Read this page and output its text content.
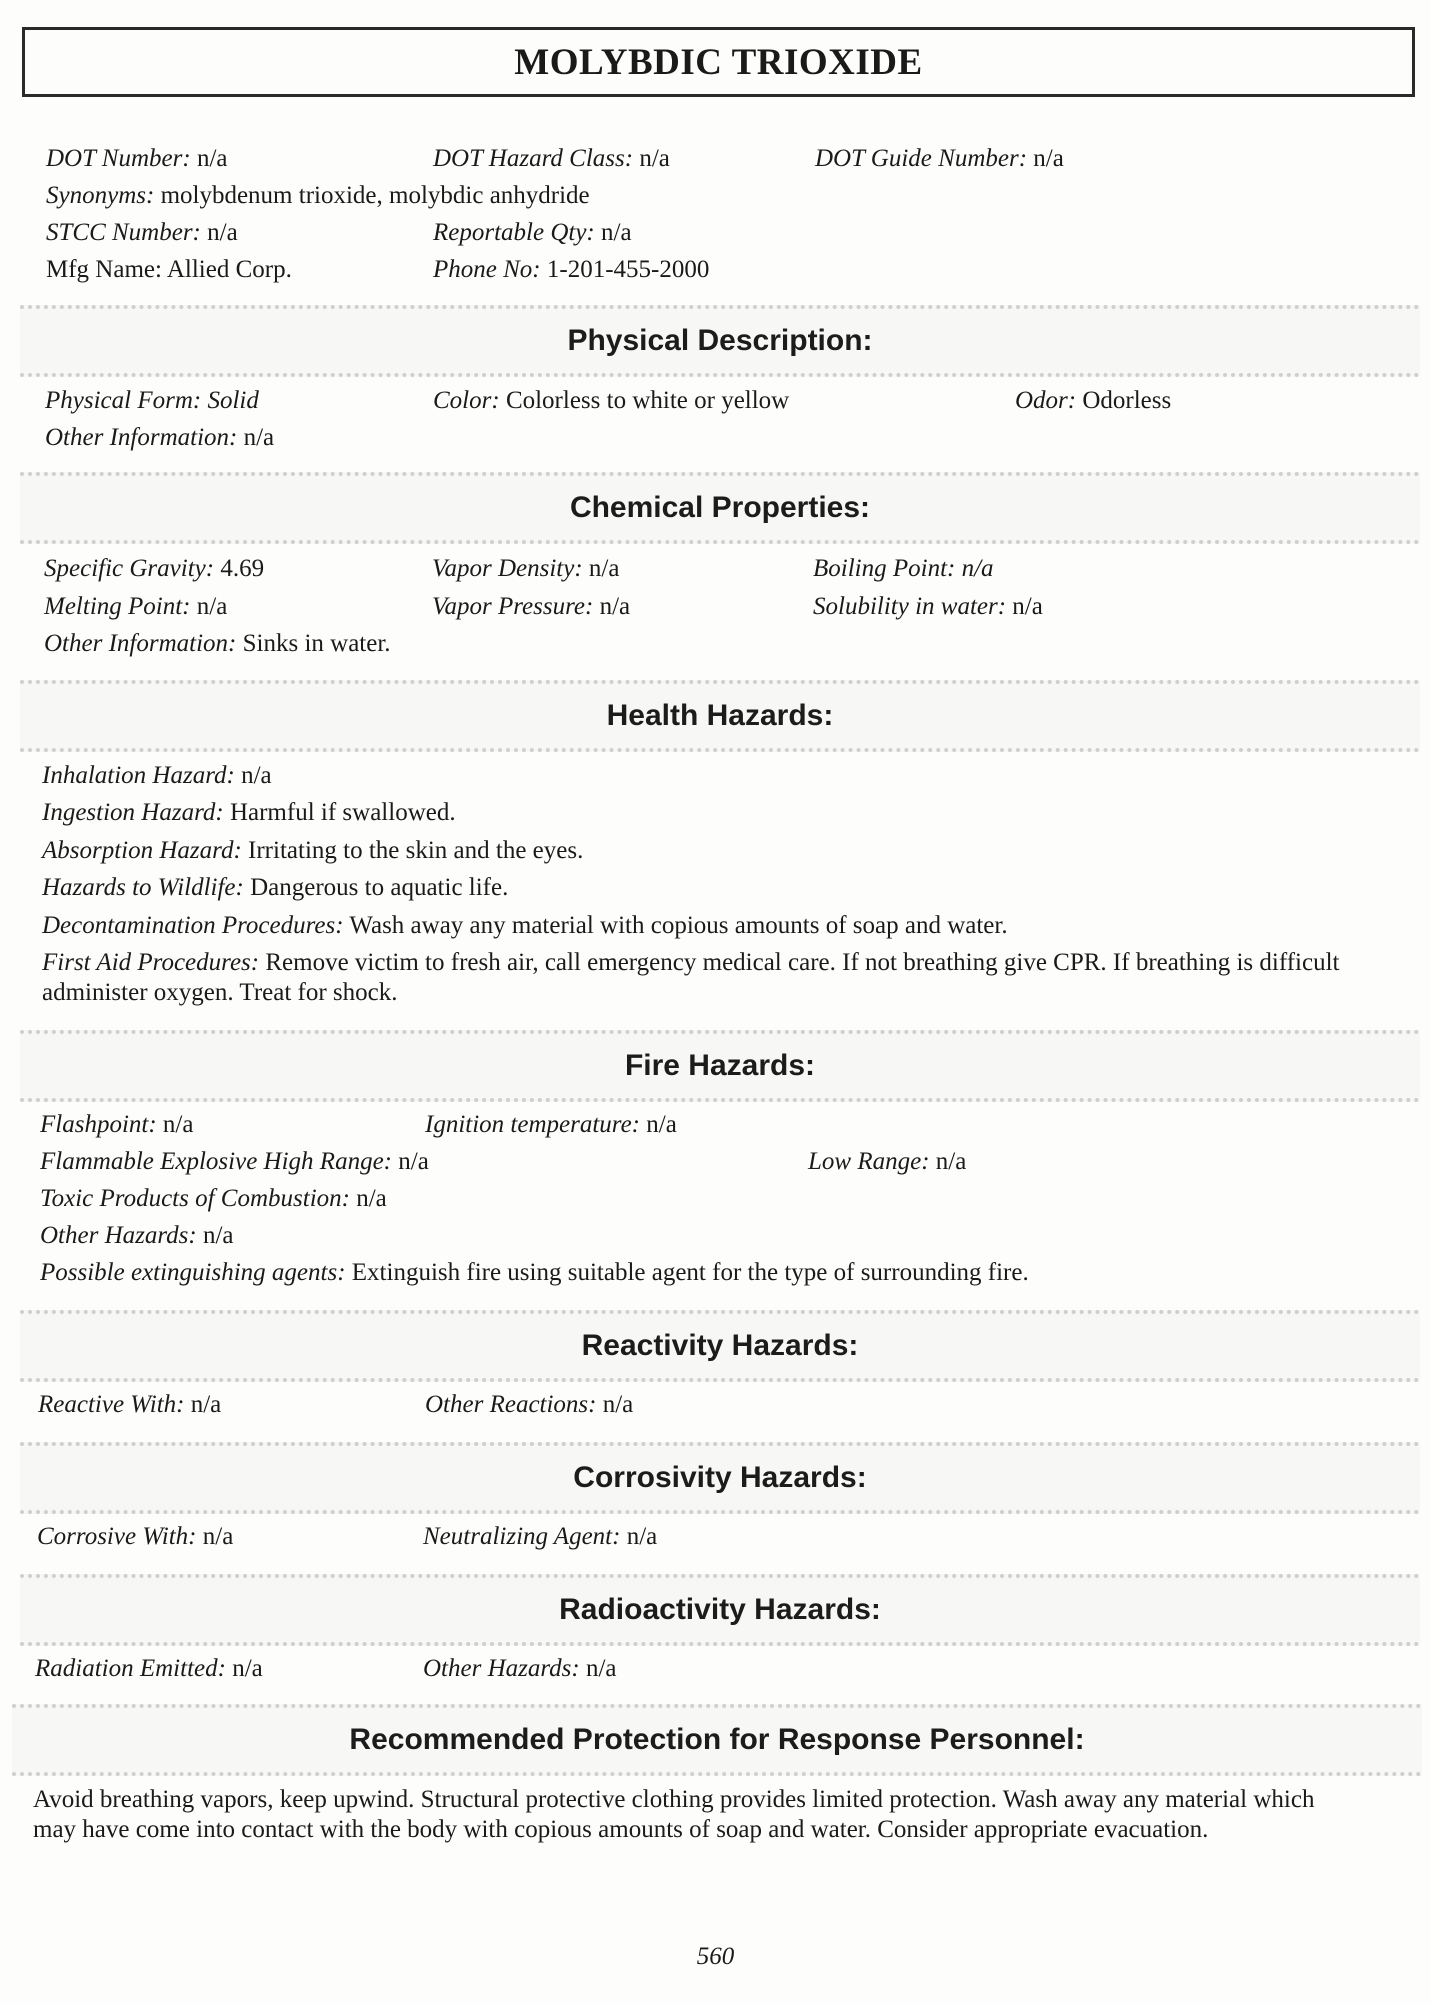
MOLYBDIC TRIOXIDE
DOT Number: n/a	DOT Hazard Class: n/a	DOT Guide Number: n/a
Synonyms: molybdenum trioxide, molybdic anhydride
STCC Number: n/a	Reportable Qty: n/a
Mfg Name: Allied Corp.	Phone No: 1-201-455-2000
Physical Description:
Physical Form: Solid	Color: Colorless to white or yellow	Odor: Odorless
Other Information: n/a
Chemical Properties:
Specific Gravity: 4.69	Vapor Density: n/a	Boiling Point: n/a
Melting Point: n/a	Vapor Pressure: n/a	Solubility in water: n/a
Other Information: Sinks in water.
Health Hazards:
Inhalation Hazard: n/a
Ingestion Hazard: Harmful if swallowed.
Absorption Hazard: Irritating to the skin and the eyes.
Hazards to Wildlife: Dangerous to aquatic life.
Decontamination Procedures: Wash away any material with copious amounts of soap and water.
First Aid Procedures: Remove victim to fresh air, call emergency medical care. If not breathing give CPR. If breathing is difficult administer oxygen. Treat for shock.
Fire Hazards:
Flashpoint: n/a	Ignition temperature: n/a
Flammable Explosive High Range: n/a	Low Range: n/a
Toxic Products of Combustion: n/a
Other Hazards: n/a
Possible extinguishing agents: Extinguish fire using suitable agent for the type of surrounding fire.
Reactivity Hazards:
Reactive With: n/a	Other Reactions: n/a
Corrosivity Hazards:
Corrosive With: n/a	Neutralizing Agent: n/a
Radioactivity Hazards:
Radiation Emitted: n/a	Other Hazards: n/a
Recommended Protection for Response Personnel:
Avoid breathing vapors, keep upwind. Structural protective clothing provides limited protection. Wash away any material which may have come into contact with the body with copious amounts of soap and water. Consider appropriate evacuation.
560
